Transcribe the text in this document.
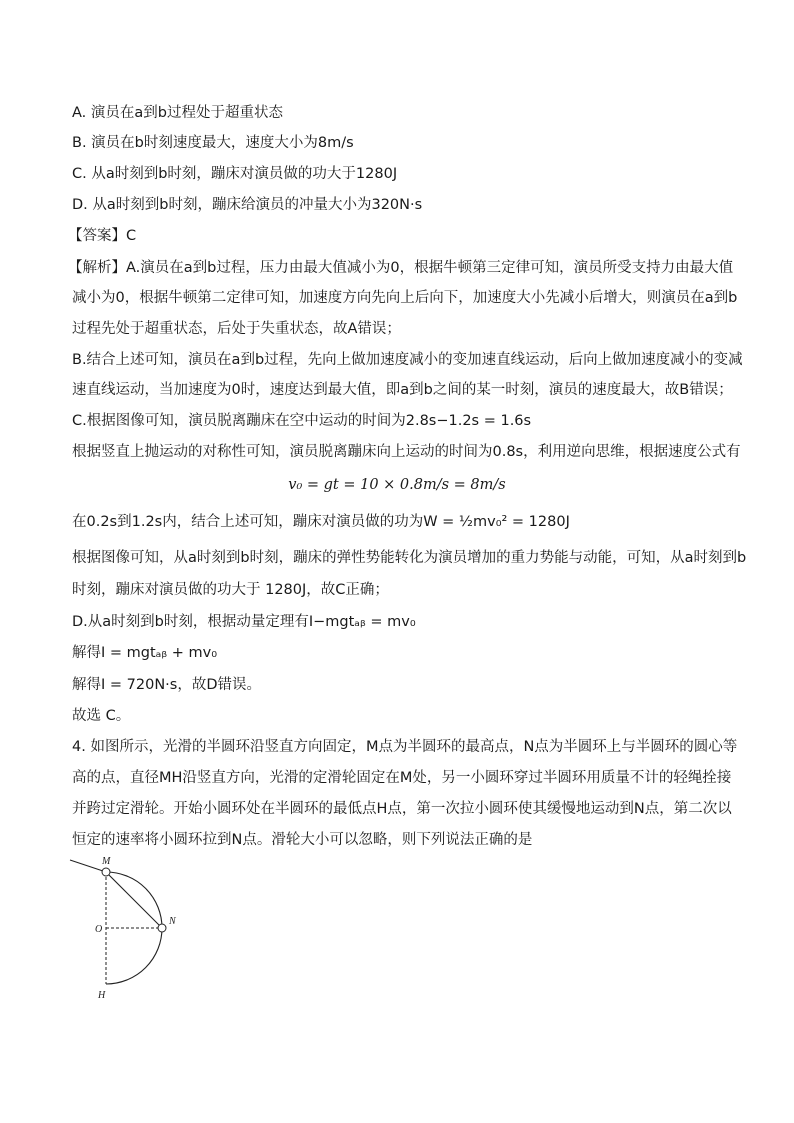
A. 演员在a到b过程处于超重状态
B. 演员在b时刻速度最大，速度大小为8m/s
C. 从a时刻到b时刻，蹦床对演员做的功大于1280J
D. 从a时刻到b时刻，蹦床给演员的冲量大小为320N·s
【答案】C
【解析】A.演员在a到b过程，压力由最大值减小为0，根据牛顿第三定律可知，演员所受支持力由最大值
减小为0，根据牛顿第二定律可知，加速度方向先向上后向下，加速度大小先减小后增大，则演员在a到b
过程先处于超重状态，后处于失重状态，故A错误；
B.结合上述可知，演员在a到b过程，先向上做加速度减小的变加速直线运动，后向上做加速度减小的变减
速直线运动，当加速度为0时，速度达到最大值，即a到b之间的某一时刻，演员的速度最大，故B错误；
C.根据图像可知，演员脱离蹦床在空中运动的时间为2.8s−1.2s = 1.6s
根据竖直上抛运动的对称性可知，演员脱离蹦床向上运动的时间为0.8s，利用逆向思维，根据速度公式有
v₀ = gt = 10 × 0.8m/s = 8m/s
在0.2s到1.2s内，结合上述可知，蹦床对演员做的功为W = ½mv₀² = 1280J
根据图像可知，从a时刻到b时刻，蹦床的弹性势能转化为演员增加的重力势能与动能，可知，从a时刻到b
时刻，蹦床对演员做的功大于 1280J，故C正确；
D.从a时刻到b时刻，根据动量定理有I−mgtₐᵦ = mv₀
解得I = mgtₐᵦ + mv₀
解得I = 720N·s，故D错误。
故选 C。
4. 如图所示，光滑的半圆环沿竖直方向固定，M点为半圆环的最高点，N点为半圆环上与半圆环的圆心等
高的点，直径MH沿竖直方向，光滑的定滑轮固定在M处，另一小圆环穿过半圆环用质量不计的轻绳拴接
并跨过定滑轮。开始小圆环处在半圆环的最低点H点，第一次拉小圆环使其缓慢地运动到N点，第二次以
恒定的速率将小圆环拉到N点。滑轮大小可以忽略，则下列说法正确的是
M
N
O
H
